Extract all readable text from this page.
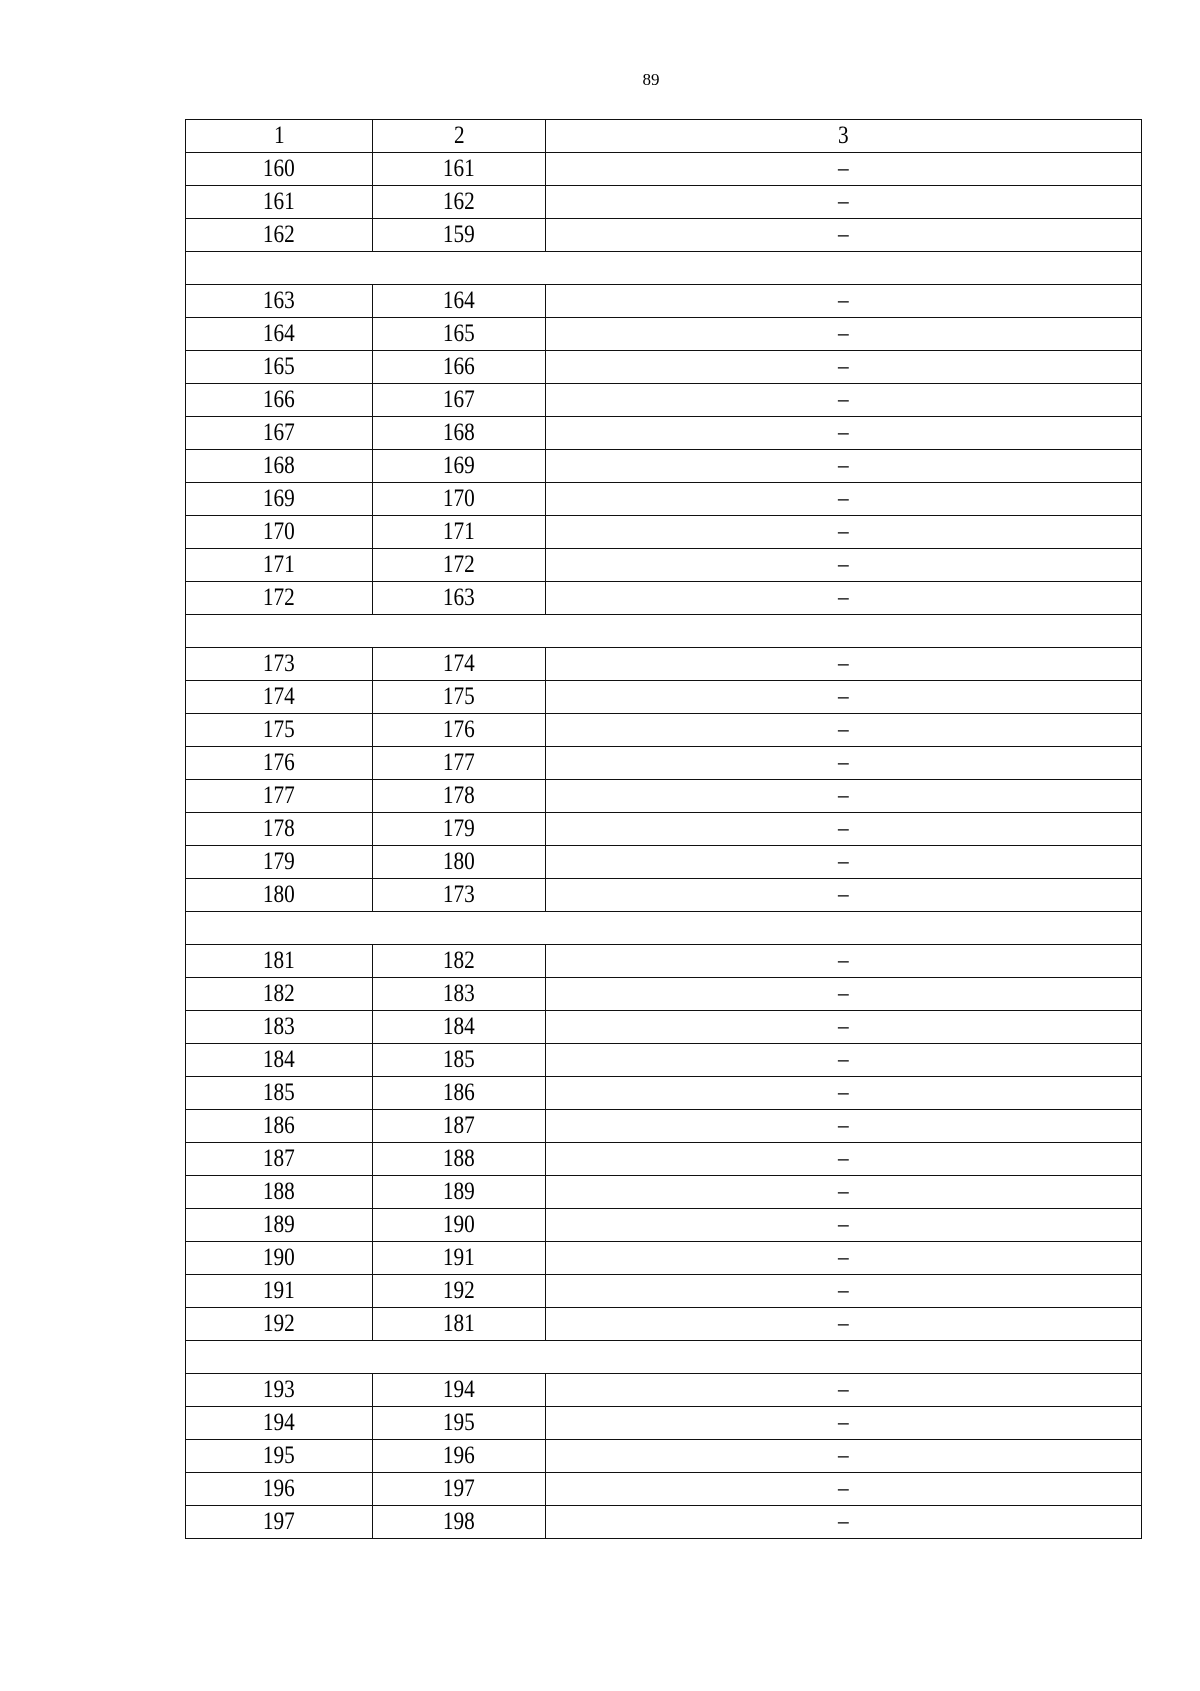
89
1	2	3
160	161	–
161	162	–
162	159	–

163	164	–
164	165	–
165	166	–
166	167	–
167	168	–
168	169	–
169	170	–
170	171	–
171	172	–
172	163	–

173	174	–
174	175	–
175	176	–
176	177	–
177	178	–
178	179	–
179	180	–
180	173	–

181	182	–
182	183	–
183	184	–
184	185	–
185	186	–
186	187	–
187	188	–
188	189	–
189	190	–
190	191	–
191	192	–
192	181	–

193	194	–
194	195	–
195	196	–
196	197	–
197	198	–
